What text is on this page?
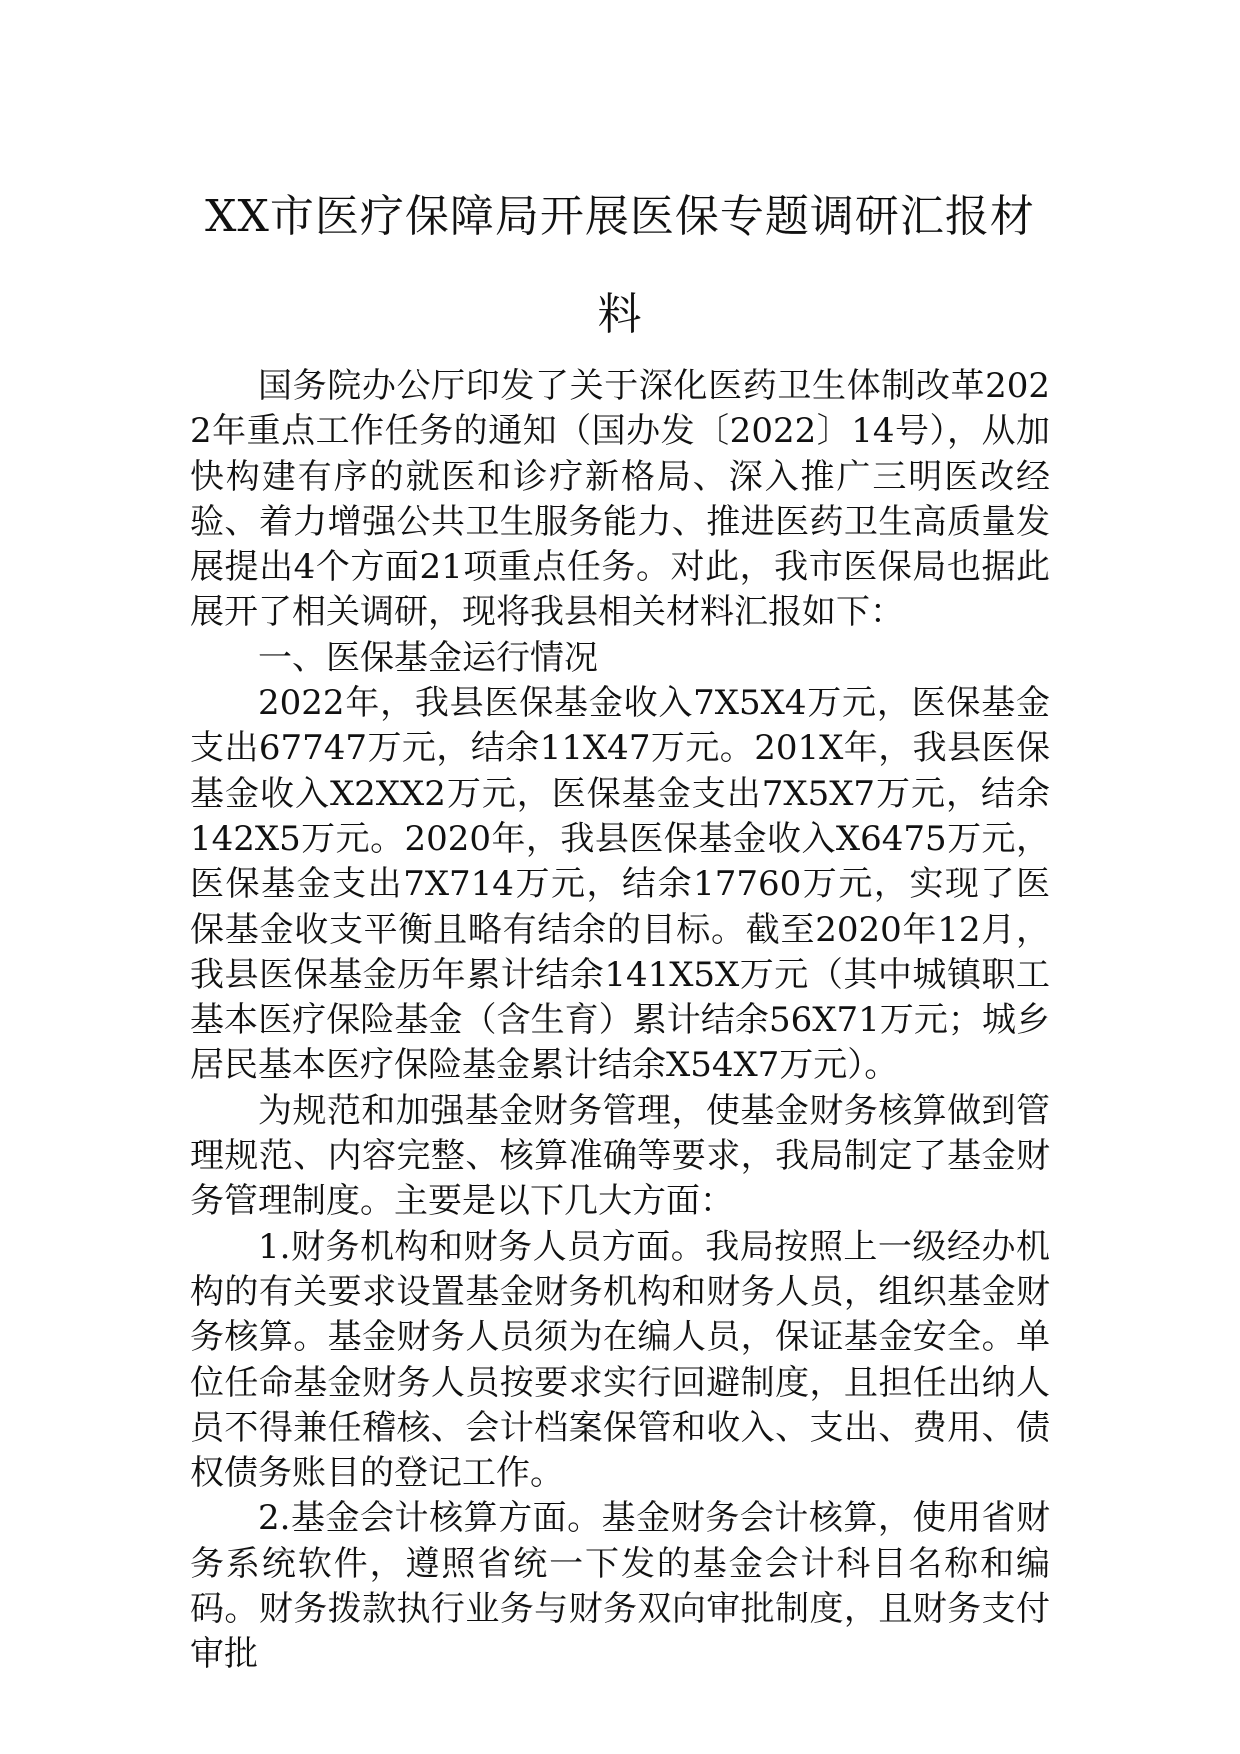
XX市医疗保障局开展医保专题调研汇报材料

国务院办公厅印发了关于深化医药卫生体制改革2022年重点工作任务的通知（国办发〔2022〕14号），从加快构建有序的就医和诊疗新格局、深入推广三明医改经验、着力增强公共卫生服务能力、推进医药卫生高质量发展提出4个方面21项重点任务。对此，我市医保局也据此展开了相关调研，现将我县相关材料汇报如下：

一、医保基金运行情况

2022年，我县医保基金收入7X5X4万元，医保基金支出67747万元，结余11X47万元。201X年，我县医保基金收入X2XX2万元，医保基金支出7X5X7万元，结余142X5万元。2020年，我县医保基金收入X6475万元，医保基金支出7X714万元，结余17760万元，实现了医保基金收支平衡且略有结余的目标。截至2020年12月，我县医保基金历年累计结余141X5X万元（其中城镇职工基本医疗保险基金（含生育）累计结余56X71万元；城乡居民基本医疗保险基金累计结余X54X7万元）。

为规范和加强基金财务管理，使基金财务核算做到管理规范、内容完整、核算准确等要求，我局制定了基金财务管理制度。主要是以下几大方面：

1.财务机构和财务人员方面。我局按照上一级经办机构的有关要求设置基金财务机构和财务人员，组织基金财务核算。基金财务人员须为在编人员，保证基金安全。单位任命基金财务人员按要求实行回避制度，且担任出纳人员不得兼任稽核、会计档案保管和收入、支出、费用、债权债务账目的登记工作。

2.基金会计核算方面。基金财务会计核算，使用省财务系统软件，遵照省统一下发的基金会计科目名称和编码。财务拨款执行业务与财务双向审批制度，且财务支付审批
